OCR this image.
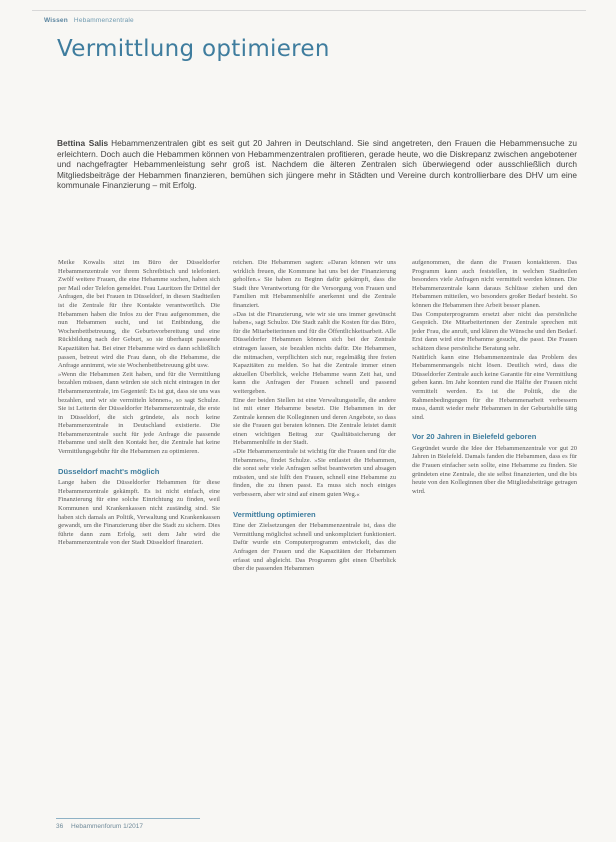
Wissen Hebammenzentrale
Vermittlung optimieren
Bettina Salis Hebammenzentralen gibt es seit gut 20 Jahren in Deutschland. Sie sind angetreten, den Frauen die Hebammensuche zu erleichtern. Doch auch die Hebammen können von Hebammenzentralen profitieren, gerade heute, wo die Diskrepanz zwischen angebotener und nachgefragter Hebammenleistung sehr groß ist. Nachdem die älteren Zentralen sich überwiegend oder ausschließlich durch Mitgliedsbeiträge der Hebammen finanzieren, bemühen sich jüngere mehr in Städten und Vereine durch kontrollierbare des DHV um eine kommunale Finanzierung – mit Erfolg.

Meike Kowalis sitzt im Büro der Düsseldorfer Hebammenzentrale vor ihrem Schreibtisch und telefoniert. Zwölf weitere Frauen, die eine Hebamme suchen, haben sich per Mail oder Telefon gemeldet. Frau Lauritzen Ihr Drittel der Anfragen, die bei Frauen in Düsseldorf, in diesen Stadtteilen ist die Zentrale für ihre Kontakte verantwortlich. Die Hebammen haben die Infos zu der Frau aufgenommen, die nun Hebammen sucht, und ist Entbindung, die Wochenbettbetreuung, die Geburtsvorbereitung und eine Rückbildung nach der Geburt, so sie überhaupt passende Kapazitäten hat. Bei einer Hebamme wird es dann schließlich passen, betreut wird die Frau dann, ob die Hebamme, die Anfrage annimmt, wie sie Wochenbettbetreuung gibt usw.

»Wenn die Hebammen Zeit haben, und für die Vermittlung bezahlen müssen, dann würden sie sich nicht eintragen in der Hebammenzentrale, im Gegenteil: Es ist gut, dass sie uns was bezahlen, und wir sie vermitteln können«, so sagt Schulze. Sie ist Leiterin der Düsseldorfer Hebammenzentrale, die erste in Düsseldorf, die sich gründete, als noch keine Hebammenzentrale in Deutschland existierte. Die Hebammenzentrale sucht für jede Anfrage die passende Hebamme und stellt den Kontakt her, die Zentrale hat keine Vermittlungsgebühr für die Hebammen zu optimieren.

Düsseldorf macht's möglich

Lange haben die Düsseldorfer Hebammen für diese Hebammenzentrale gekämpft. Es ist nicht einfach, eine Finanzierung für eine solche Einrichtung zu finden, weil Kommunen und Krankenkassen nicht zuständig sind. Sie haben sich damals an Politik, Verwaltung und Krankenkassen gewandt, um die Finanzierung über die Stadt zu sichern. Dies führte dann zum Erfolg, seit dem Jahr wird die Hebammenzentrale von der Stadt Düsseldorf finanziert.

reichen. Die Hebammen sagten: »Daran können wir uns wirklich freuen, die Kommune hat uns bei der Finanzierung geholfen.« Sie haben zu Beginn dafür gekämpft, dass die Stadt ihre Verantwortung für die Versorgung von Frauen und Familien mit Hebammenhilfe anerkennt und die Zentrale finanziert.

»Das ist die Finanzierung, wie wir sie uns immer gewünscht haben«, sagt Schulze. Die Stadt zahlt die Kosten für das Büro, für die Mitarbeiterinnen und für die Öffentlichkeitsarbeit. Alle Düsseldorfer Hebammen können sich bei der Zentrale eintragen lassen, sie bezahlen nichts dafür. Die Hebammen, die mitmachen, verpflichten sich nur, regelmäßig ihre freien Kapazitäten zu melden. So hat die Zentrale immer einen aktuellen Überblick, welche Hebamme wann Zeit hat, und kann die Anfragen der Frauen schnell und passend weitergeben.

Eine der beiden Stellen ist eine Verwaltungsstelle, die andere ist mit einer Hebamme besetzt. Die Hebammen in der Zentrale kennen die Kolleginnen und deren Angebote, so dass sie die Frauen gut beraten können. Die Zentrale leistet damit einen wichtigen Beitrag zur Qualitätssicherung der Hebammenhilfe in der Stadt.

»Die Hebammenzentrale ist wichtig für die Frauen und für die Hebammen«, findet Schulze. »Sie entlastet die Hebammen, die sonst sehr viele Anfragen selbst beantworten und absagen müssten, und sie hilft den Frauen, schnell eine Hebamme zu finden, die zu ihnen passt. Es muss sich noch einiges verbessern, aber wir sind auf einem guten Weg.«

Vermittlung optimieren

Eine der Zielsetzungen der Hebammenzentrale ist, dass die Vermittlung möglichst schnell und unkompliziert funktioniert. Dafür wurde ein Computerprogramm entwickelt, das die Anfragen der Frauen und die Kapazitäten der Hebammen erfasst und abgleicht. Das Programm gibt einen Überblick über die passenden Hebammen

aufgenommen, die dann die Frauen kontaktieren. Das Programm kann auch feststellen, in welchen Stadtteilen besonders viele Anfragen nicht vermittelt werden können. Die Hebammenzentrale kann daraus Schlüsse ziehen und den Hebammen mitteilen, wo besonders großer Bedarf besteht. So können die Hebammen ihre Arbeit besser planen.

Das Computerprogramm ersetzt aber nicht das persönliche Gespräch. Die Mitarbeiterinnen der Zentrale sprechen mit jeder Frau, die anruft, und klären die Wünsche und den Bedarf. Erst dann wird eine Hebamme gesucht, die passt. Die Frauen schätzen diese persönliche Beratung sehr.

Natürlich kann eine Hebammenzentrale das Problem des Hebammenmangels nicht lösen. Deutlich wird, dass die Düsseldorfer Zentrale auch keine Garantie für eine Vermittlung geben kann. Im Jahr konnten rund die Hälfte der Frauen nicht vermittelt werden. Es ist die Politik, die die Rahmenbedingungen für die Hebammenarbeit verbessern muss, damit wieder mehr Hebammen in der Geburtshilfe tätig sind.

Vor 20 Jahren in Bielefeld geboren

Gegründet wurde die Idee der Hebammenzentrale vor gut 20 Jahren in Bielefeld. Damals fanden die Hebammen, dass es für die Frauen einfacher sein sollte, eine Hebamme zu finden. Sie gründeten eine Zentrale, die sie selbst finanzierten, und die bis heute von den Kolleginnen über die Mitgliedsbeiträge getragen wird.

36 Hebammenforum 1/2017
